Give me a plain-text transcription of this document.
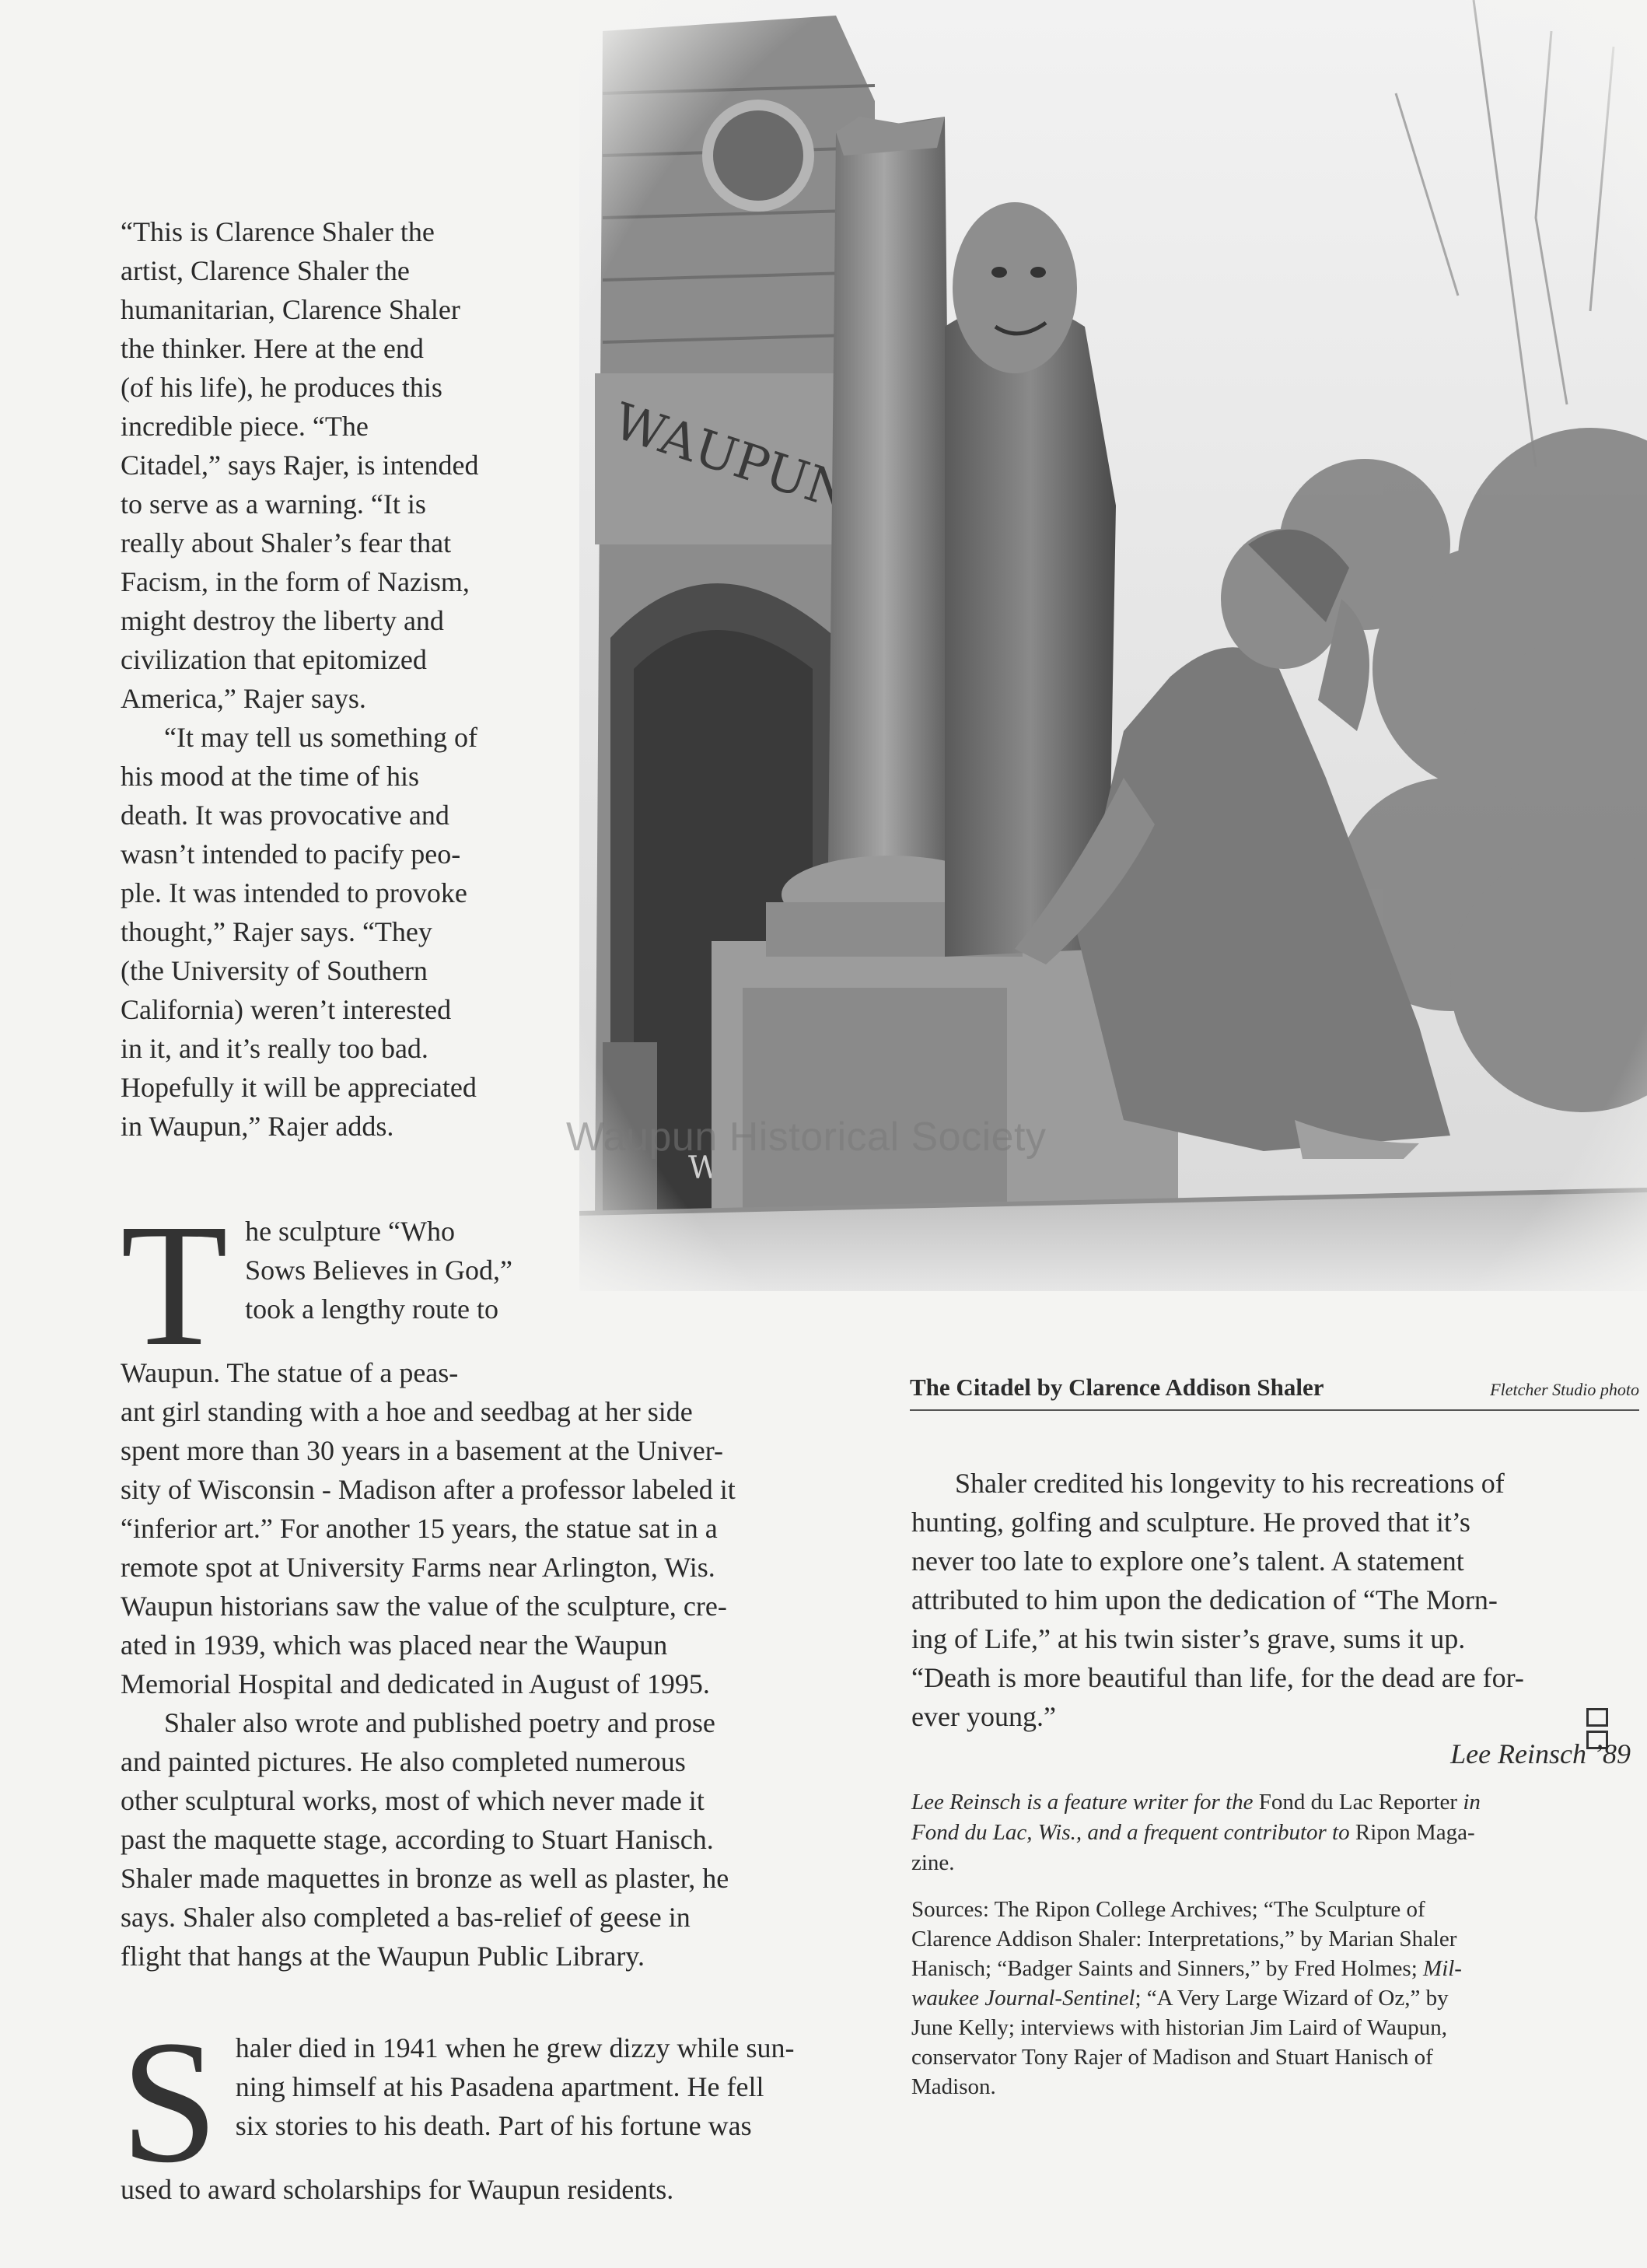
“This is Clarence Shaler the
artist, Clarence Shaler the
humanitarian, Clarence Shaler
the thinker. Here at the end
(of his life), he produces this
incredible piece. “The
Citadel,” says Rajer, is intended
to serve as a warning. “It is
really about Shaler’s fear that
Facism, in the form of Nazism,
might destroy the liberty and
civilization that epitomized
America,” Rajer says.
“It may tell us something of
his mood at the time of his
death. It was provocative and
wasn’t intended to pacify peo-
ple. It was intended to provoke
thought,” Rajer says. “They
(the University of Southern
California) weren’t interested
in it, and it’s really too bad.
Hopefully it will be appreciated
in Waupun,” Rajer adds.	Waupun Historical Society
The Citadel by Clarence Addison Shaler	Fletcher Studio photo
T he sculpture “Who
Sows Believes in God,”
took a lengthy route to
Waupun. The statue of a peas-
ant girl standing with a hoe and seedbag at her side
spent more than 30 years in a basement at the Univer-
sity of Wisconsin - Madison after a professor labeled it
“inferior art.” For another 15 years, the statue sat in a
remote spot at University Farms near Arlington, Wis.
Waupun historians saw the value of the sculpture, cre-
ated in 1939, which was placed near the Waupun
Memorial Hospital and dedicated in August of 1995.
Shaler also wrote and published poetry and prose
and painted pictures. He also completed numerous
other sculptural works, most of which never made it
past the maquette stage, according to Stuart Hanisch.
Shaler made maquettes in bronze as well as plaster, he
says. Shaler also completed a bas-relief of geese in
flight that hangs at the Waupun Public Library.
S haler died in 1941 when he grew dizzy while sun-
ning himself at his Pasadena apartment. He fell
six stories to his death. Part of his fortune was
used to award scholarships for Waupun residents.
Shaler credited his longevity to his recreations of
hunting, golfing and sculpture. He proved that it’s
never too late to explore one’s talent. A statement
attributed to him upon the dedication of “The Morn-
ing of Life,” at his twin sister’s grave, sums it up.
“Death is more beautiful than life, for the dead are for-
ever young.”
Lee Reinsch ’89
Lee Reinsch is a feature writer for the Fond du Lac Reporter in
Fond du Lac, Wis., and a frequent contributor to Ripon Maga-
zine.
Sources: The Ripon College Archives; “The Sculpture of
Clarence Addison Shaler: Interpretations,” by Marian Shaler
Hanisch; “Badger Saints and Sinners,” by Fred Holmes; Mil-
waukee Journal-Sentinel; “A Very Large Wizard of Oz,” by
June Kelly; interviews with historian Jim Laird of Waupun,
conservator Tony Rajer of Madison and Stuart Hanisch of
Madison.
